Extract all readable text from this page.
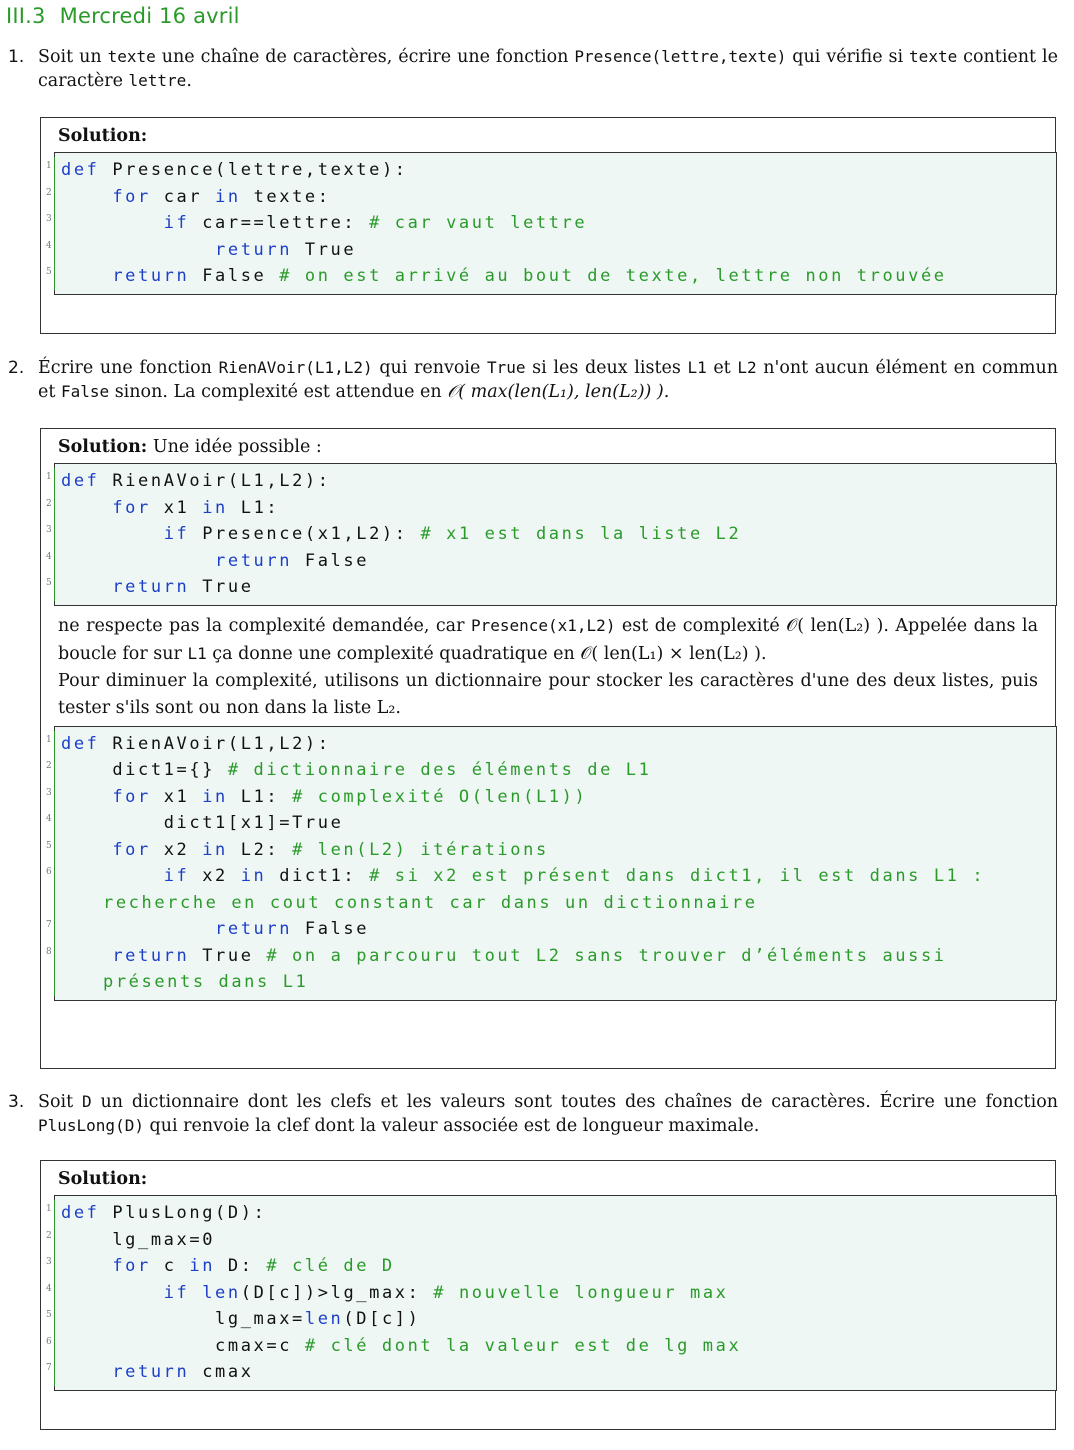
III.3 Mercredi 16 avril
1. Soit un texte une chaîne de caractères, écrire une fonction Presence(lettre,texte) qui vérifie si texte contient le caractère lettre.
Solution:
1 def Presence(lettre,texte):
2	for car in texte:
3	if car==lettre: # car vaut lettre
4	return True
5	return False # on est arrivé au bout de texte, lettre non trouvée
2. Écrire une fonction RienAVoir(L1,L2) qui renvoie True si les deux listes L1 et L2 n'ont aucun élément en commun et False sinon. La complexité est attendue en 𝒪( max(len(L₁), len(L₂)) ).
Solution: Une idée possible :
1 def RienAVoir(L1,L2):
2	for x1 in L1:
3	if Presence(x1,L2): # x1 est dans la liste L2
4	return False
5	return True
ne respecte pas la complexité demandée, car Presence(x1,L2) est de complexité 𝒪( len(L₂) ). Appelée dans la boucle for sur L1 ça donne une complexité quadratique en 𝒪( len(L₁) × len(L₂) ).
Pour diminuer la complexité, utilisons un dictionnaire pour stocker les caractères d'une des deux listes, puis tester s'ils sont ou non dans la liste L₂.
1 def RienAVoir(L1,L2):
2	dict1={} # dictionnaire des éléments de L1
3	for x1 in L1: # complexité O(len(L1))
4	dict1[x1]=True
5	for x2 in L2: # len(L2) itérations
6	if x2 in dict1: # si x2 est présent dans dict1, il est dans L1 :
recherche en cout constant car dans un dictionnaire
7	return False
8	return True # on a parcouru tout L2 sans trouver d’éléments aussi
présents dans L1
3. Soit D un dictionnaire dont les clefs et les valeurs sont toutes des chaînes de caractères. Écrire une fonction PlusLong(D) qui renvoie la clef dont la valeur associée est de longueur maximale.
Solution:
1 def PlusLong(D):
2	lg_max=0
3	for c in D: # clé de D
4	if len(D[c])>lg_max: # nouvelle longueur max
5	lg_max=len(D[c])
6	cmax=c # clé dont la valeur est de lg max
7	return cmax
